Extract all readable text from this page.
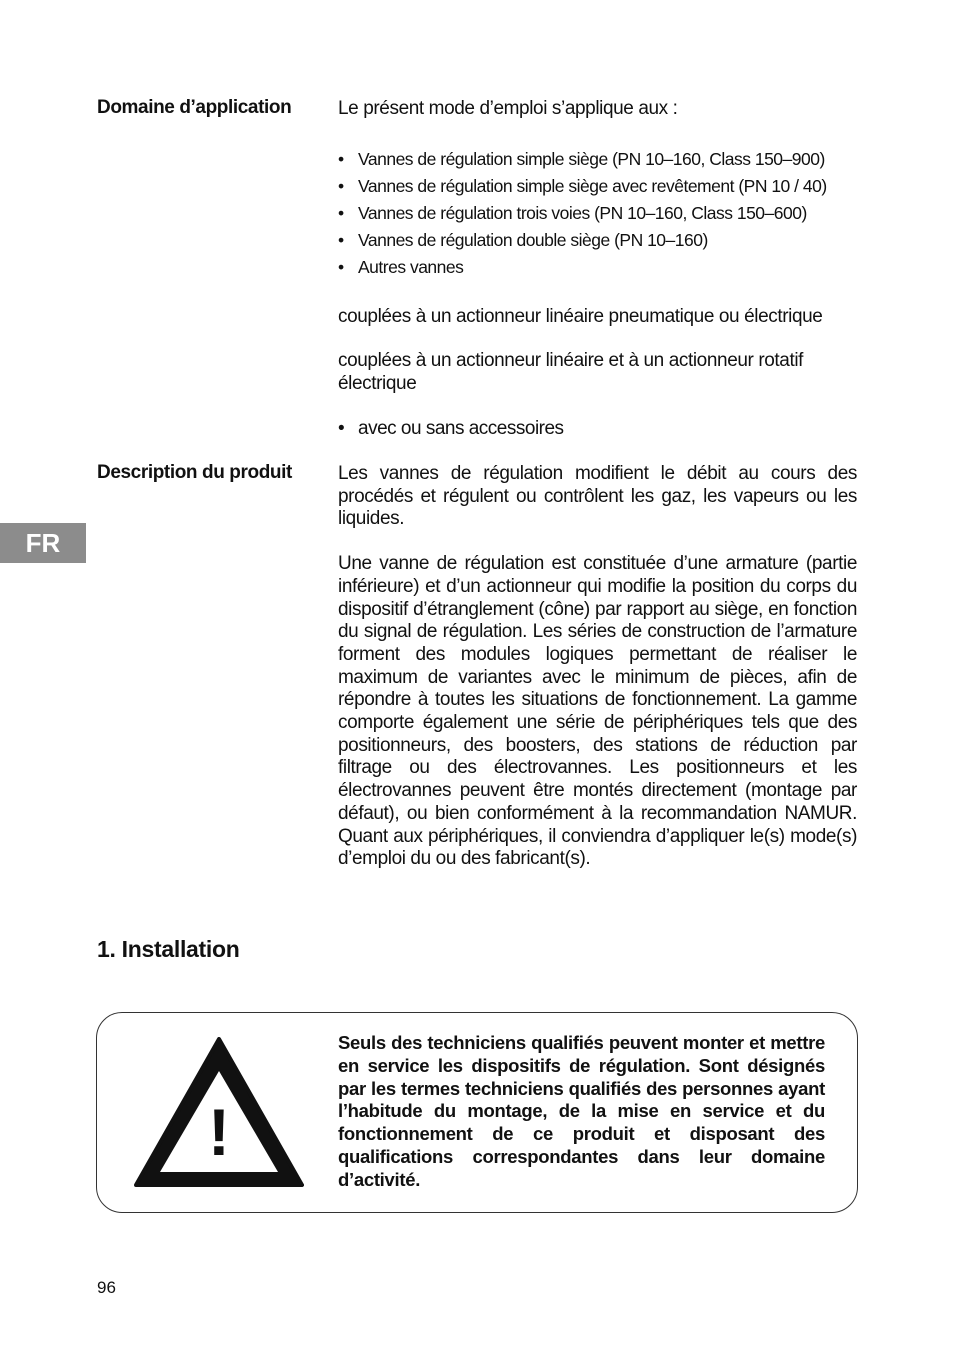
Domaine d’application Le présent mode d’emploi s’applique aux :

• Vannes de régulation simple siège (PN 10–160, Class 150–900)
• Vannes de régulation simple siège avec revêtement (PN 10 / 40)
• Vannes de régulation trois voies (PN 10–160, Class 150–600)
• Vannes de régulation double siège (PN 10–160)
• Autres vannes

couplées à un actionneur linéaire pneumatique ou électrique

couplées à un actionneur linéaire et à un actionneur rotatif électrique

• avec ou sans accessoires
Description du produit Les vannes de régulation modifient le débit au cours des procédés et régulent ou contrôlent les gaz, les vapeurs ou les liquides.

Une vanne de régulation est constituée d’une armature (partie inférieure) et d’un actionneur qui modifie la position du corps du dispositif d’étranglement (cône) par rapport au siège, en fonction du signal de régulation. Les séries de construction de l’armature forment des modules logiques permettant de réaliser le maximum de variantes avec le minimum de pièces, afin de répondre à toutes les situations de fonctionnement. La gamme comporte également une série de périphériques tels que des positionneurs, des boosters, des stations de réduction par filtrage ou des électrovannes. Les positionneurs et les électrovannes peuvent être montés directement (montage par défaut), ou bien conformément à la recommandation NAMUR. Quant aux périphériques, il conviendra d’appliquer le(s) mode(s) d’emploi du ou des fabricant(s).

FR
1. Installation
!
Seuls des techniciens qualifiés peuvent monter et mettre en service les dispositifs de régulation. Sont désignés par les termes techniciens qualifiés des personnes ayant l’habitude du montage, de la mise en service et du fonctionnement de ce produit et disposant des qualifications correspondantes dans leur domaine d’activité.
96
